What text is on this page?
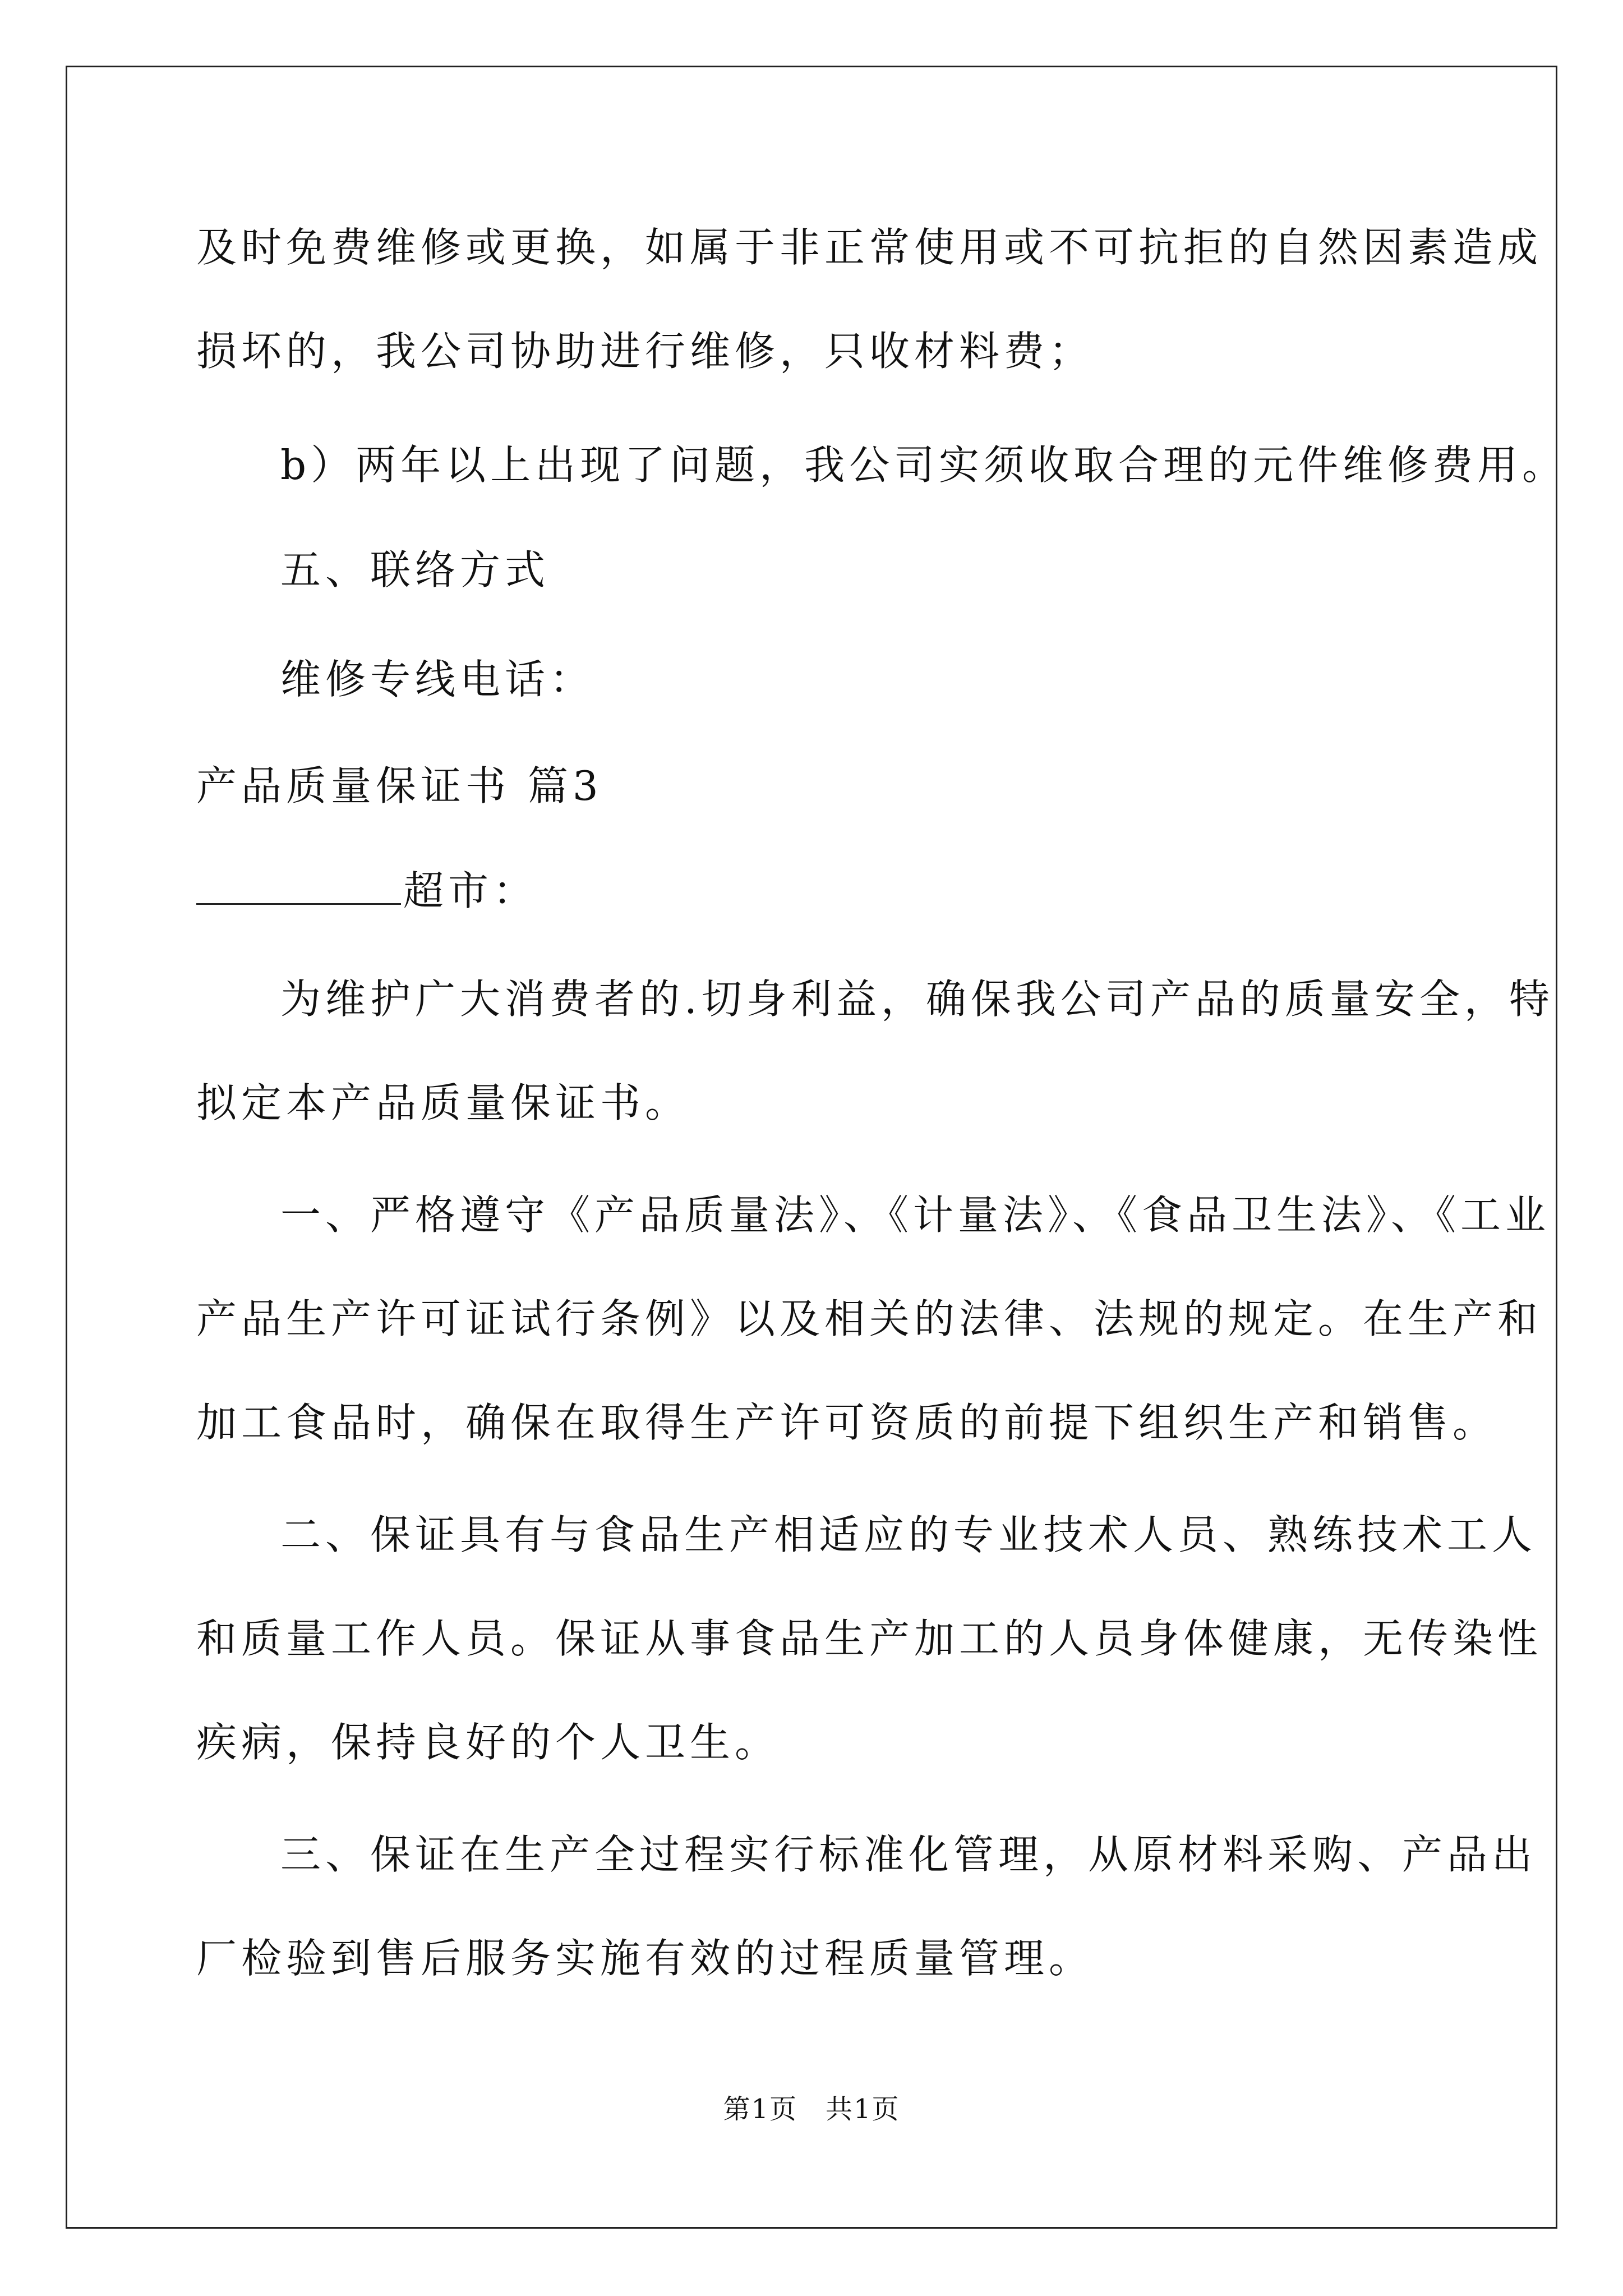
及时免费维修或更换，如属于非正常使用或不可抗拒的自然因素造成

损坏的，我公司协助进行维修，只收材料费；

b）两年以上出现了问题，我公司实须收取合理的元件维修费用。

五、联络方式

维修专线电话：

产品质量保证书 篇3

超市：

为维护广大消费者的.切身利益，确保我公司产品的质量安全，特

拟定本产品质量保证书。

一、严格遵守《产品质量法》、《计量法》、《食品卫生法》、《工业

产品生产许可证试行条例》以及相关的法律、法规的规定。在生产和

加工食品时，确保在取得生产许可资质的前提下组织生产和销售。

二、保证具有与食品生产相适应的专业技术人员、熟练技术工人

和质量工作人员。保证从事食品生产加工的人员身体健康，无传染性

疾病，保持良好的个人卫生。

三、保证在生产全过程实行标准化管理，从原材料采购、产品出

厂检验到售后服务实施有效的过程质量管理。

第1页　共1页
